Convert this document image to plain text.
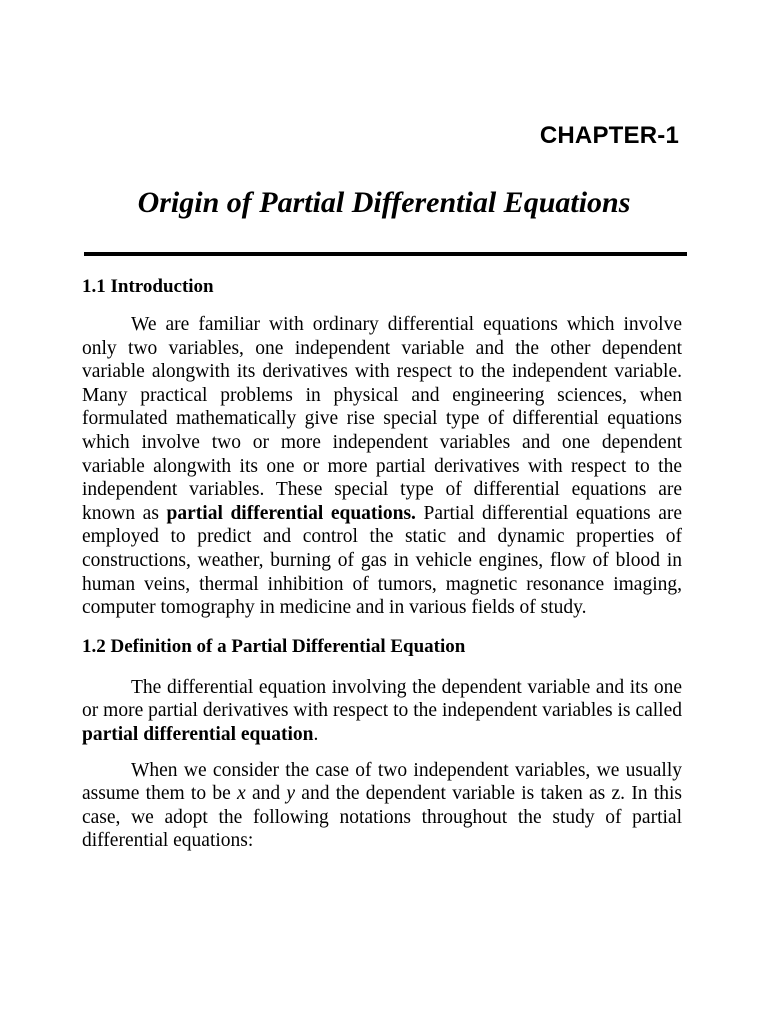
CHAPTER-1
Origin of Partial Differential Equations
1.1 Introduction

We are familiar with ordinary differential equations which involve only two variables, one independent variable and the other dependent variable alongwith its derivatives with respect to the independent variable. Many practical problems in physical and engineering sciences, when formulated mathematically give rise special type of differential equations which involve two or more independent variables and one dependent variable alongwith its one or more partial derivatives with respect to the independent variables. These special type of differential equations are known as partial differential equations. Partial differential equations are employed to predict and control the static and dynamic properties of constructions, weather, burning of gas in vehicle engines, flow of blood in human veins, thermal inhibition of tumors, magnetic resonance imaging, computer tomography in medicine and in various fields of study.

1.2 Definition of a Partial Differential Equation

The differential equation involving the dependent variable and its one or more partial derivatives with respect to the independent variables is called partial differential equation.

When we consider the case of two independent variables, we usually assume them to be x and y and the dependent variable is taken as z. In this case, we adopt the following notations throughout the study of partial differential equations:
